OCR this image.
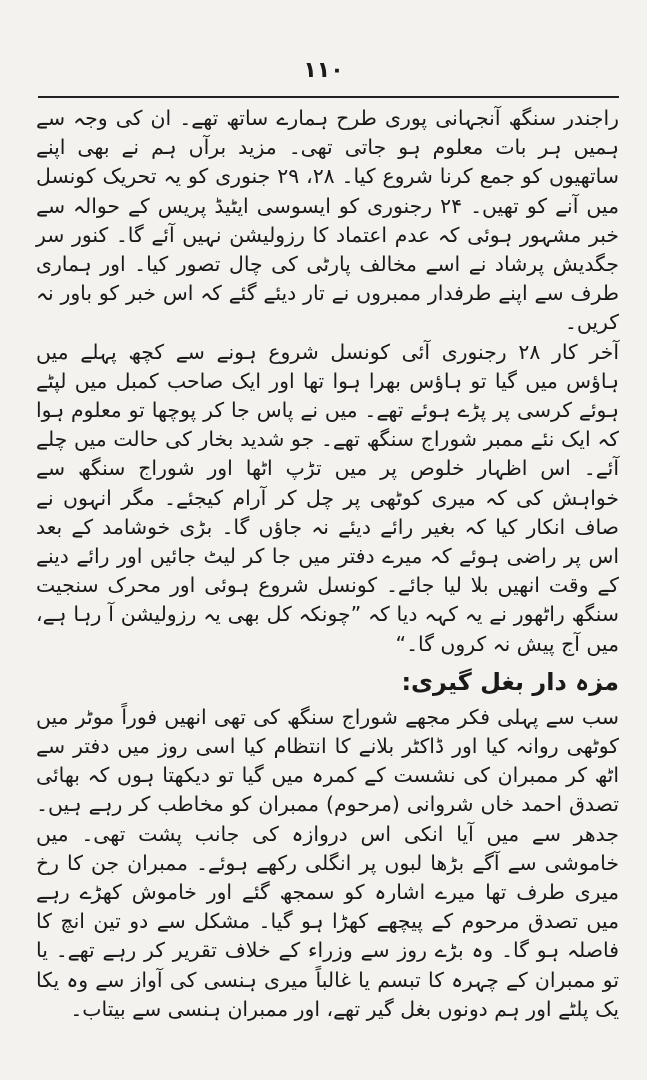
١١٠

راجندر سنگھ آنجہانی پوری طرح ہمارے ساتھ تھے۔ ان کی وجہ سے ہمیں ہر بات معلوم ہو جاتی تھی۔ مزید برآں ہم نے بھی اپنے ساتھیوں کو جمع کرنا شروع کیا۔ ۲۸، ۲۹ جنوری کو یہ تحریک کونسل میں آنے کو تھیں۔ ۲۴ رجنوری کو ایسوسی ایٹیڈ پریس کے حوالہ سے خبر مشہور ہوئی کہ عدم اعتماد کا رزولیشن نہیں آئے گا۔ کنور سر جگدیش پرشاد نے اسے مخالف پارٹی کی چال تصور کیا۔ اور ہماری طرف سے اپنے طرفدار ممبروں نے تار دیئے گئے کہ اس خبر کو باور نہ کریں۔

آخر کار ۲۸ رجنوری آئی کونسل شروع ہونے سے کچھ پہلے میں ہاؤس میں گیا تو ہاؤس بھرا ہوا تھا اور ایک صاحب کمبل میں لپٹے ہوئے کرسی پر پڑے ہوئے تھے۔ میں نے پاس جا کر پوچھا تو معلوم ہوا کہ ایک نئے ممبر شوراج سنگھ تھے۔ جو شدید بخار کی حالت میں چلے آئے۔ اس اظہار خلوص پر میں تڑپ اٹھا اور شوراج سنگھ سے خواہش کی کہ میری کوٹھی پر چل کر آرام کیجئے۔ مگر انہوں نے صاف انکار کیا کہ بغیر رائے دیئے نہ جاؤں گا۔ بڑی خوشامد کے بعد اس پر راضی ہوئے کہ میرے دفتر میں جا کر لیٹ جائیں اور رائے دینے کے وقت انھیں بلا لیا جائے۔ کونسل شروع ہوئی اور محرک سنجیت سنگھ راٹھور نے یہ کہہ دیا کہ ”چونکہ کل بھی یہ رزولیشن آ رہا ہے، میں آج پیش نہ کروں گا۔“

مزہ دار بغل گیری:

سب سے پہلی فکر مجھے شوراج سنگھ کی تھی انھیں فوراً موٹر میں کوٹھی روانہ کیا اور ڈاکٹر بلانے کا انتظام کیا اسی روز میں دفتر سے اٹھ کر ممبران کی نشست کے کمرہ میں گیا تو دیکھتا ہوں کہ بھائی تصدق احمد خاں شروانی (مرحوم) ممبران کو مخاطب کر رہے ہیں۔ جدھر سے میں آیا انکی اس دروازہ کی جانب پشت تھی۔ میں خاموشی سے آگے بڑھا لبوں پر انگلی رکھے ہوئے۔ ممبران جن کا رخ میری طرف تھا میرے اشارہ کو سمجھ گئے اور خاموش کھڑے رہے میں تصدق مرحوم کے پیچھے کھڑا ہو گیا۔ مشکل سے دو تین انچ کا فاصلہ ہو گا۔ وہ بڑے روز سے وزراء کے خلاف تقریر کر رہے تھے۔ یا تو ممبران کے چہرہ کا تبسم یا غالباً میری ہنسی کی آواز سے وہ یکا یک پلٹے اور ہم دونوں بغل گیر تھے، اور ممبران ہنسی سے بیتاب۔
